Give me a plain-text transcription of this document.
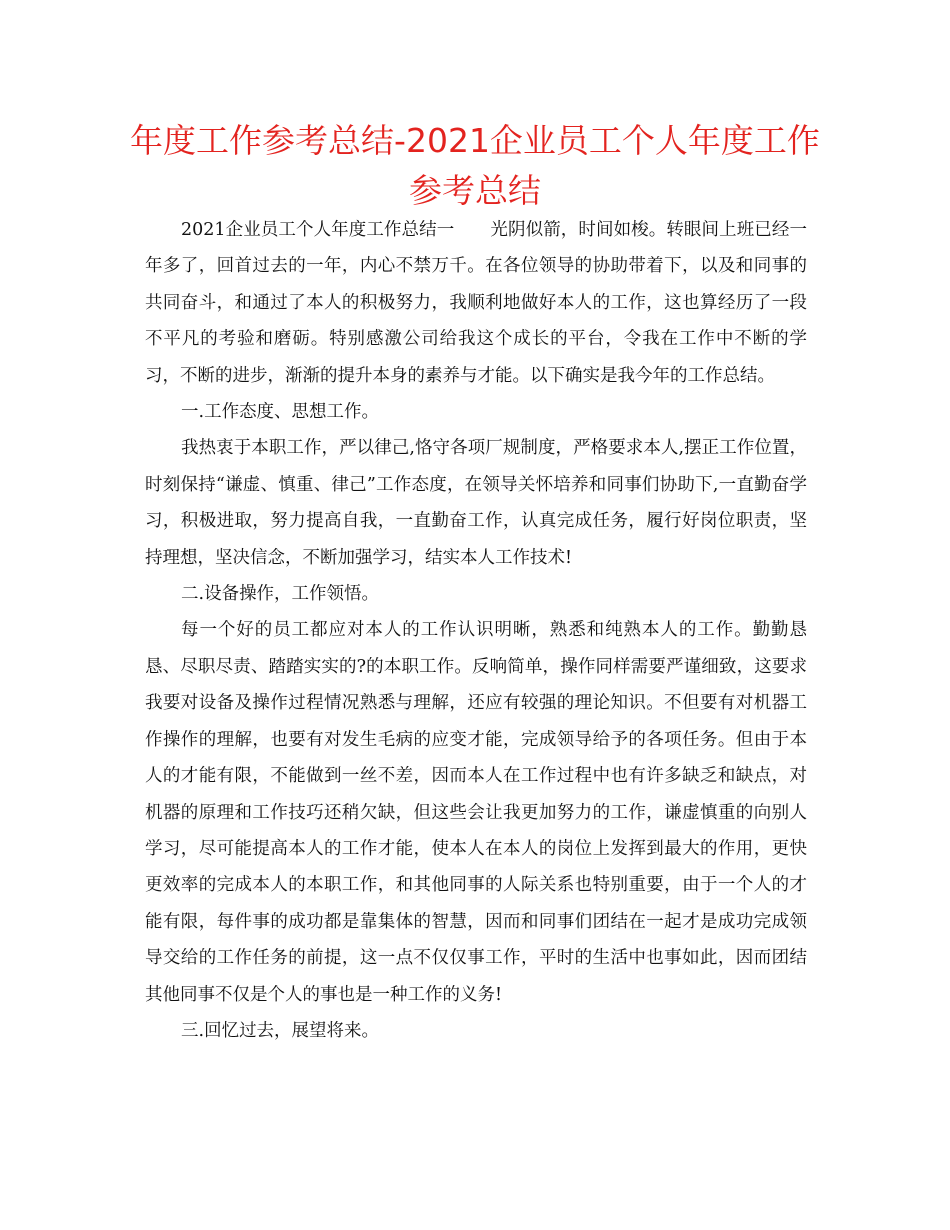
年度工作参考总结-2021企业员工个人年度工作参考总结

2021企业员工个人年度工作总结一 光阴似箭，时间如梭。转眼间上班已经一年多了，回首过去的一年，内心不禁万千。在各位领导的协助带着下，以及和同事的共同奋斗，和通过了本人的积极努力，我顺利地做好本人的工作，这也算经历了一段不平凡的考验和磨砺。特别感激公司给我这个成长的平台，令我在工作中不断的学习，不断的进步，渐渐的提升本身的素养与才能。以下确实是我今年的工作总结。

一.工作态度、思想工作。

我热衷于本职工作，严以律己,恪守各项厂规制度，严格要求本人,摆正工作位置，时刻保持“谦虚、慎重、律己”工作态度，在领导关怀培养和同事们协助下,一直勤奋学习，积极进取，努力提高自我，一直勤奋工作，认真完成任务，履行好岗位职责，坚持理想，坚决信念，不断加强学习，结实本人工作技术!

二.设备操作，工作领悟。

每一个好的员工都应对本人的工作认识明晰，熟悉和纯熟本人的工作。勤勤恳恳、尽职尽责、踏踏实实的?的本职工作。反响简单，操作同样需要严谨细致，这要求我要对设备及操作过程情况熟悉与理解，还应有较强的理论知识。不但要有对机器工作操作的理解，也要有对发生毛病的应变才能，完成领导给予的各项任务。但由于本人的才能有限，不能做到一丝不差，因而本人在工作过程中也有许多缺乏和缺点，对机器的原理和工作技巧还稍欠缺，但这些会让我更加努力的工作，谦虚慎重的向别人学习，尽可能提高本人的工作才能，使本人在本人的岗位上发挥到最大的作用，更快更效率的完成本人的本职工作，和其他同事的人际关系也特别重要，由于一个人的才能有限，每件事的成功都是靠集体的智慧，因而和同事们团结在一起才是成功完成领导交给的工作任务的前提，这一点不仅仅事工作，平时的生活中也事如此，因而团结其他同事不仅是个人的事也是一种工作的义务!

三.回忆过去，展望将来。
